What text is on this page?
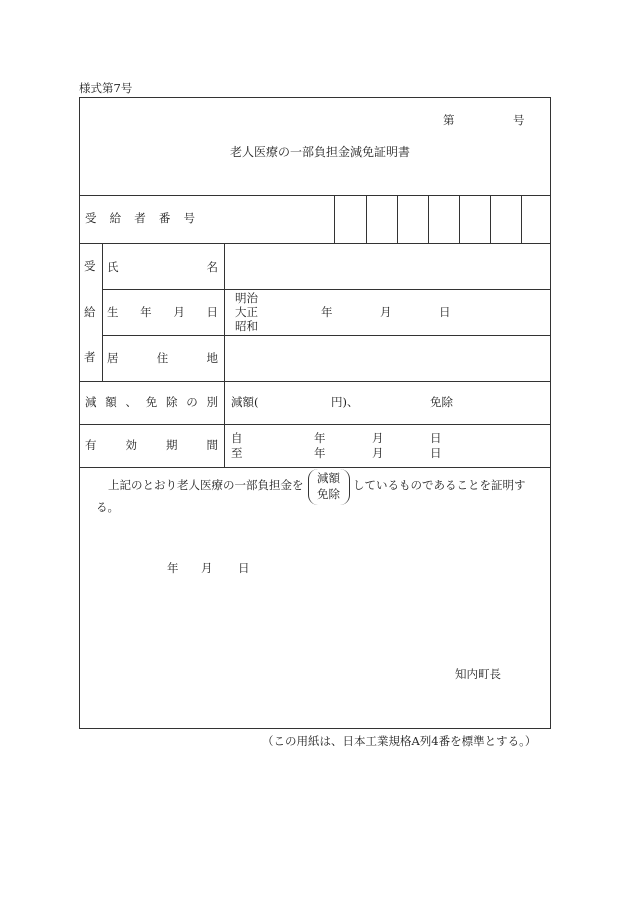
様式第7号
第	号
老人医療の一部負担金減免証明書
受 給 者 番 号
受
給
者
氏	名
生 年 月 日
明治
大正
昭和
年	月	日
居	住	地
減 額 、 免 除 の 別 減額(	円)、	免除
有	効	期	間 自	年	月	日
至	年	月	日
上記のとおり老人医療の一部負担金を 減額
免除
しているものであることを証明す
る。
年 月 日
知内町長
（この用紙は、日本工業規格A列4番を標準とする。）
